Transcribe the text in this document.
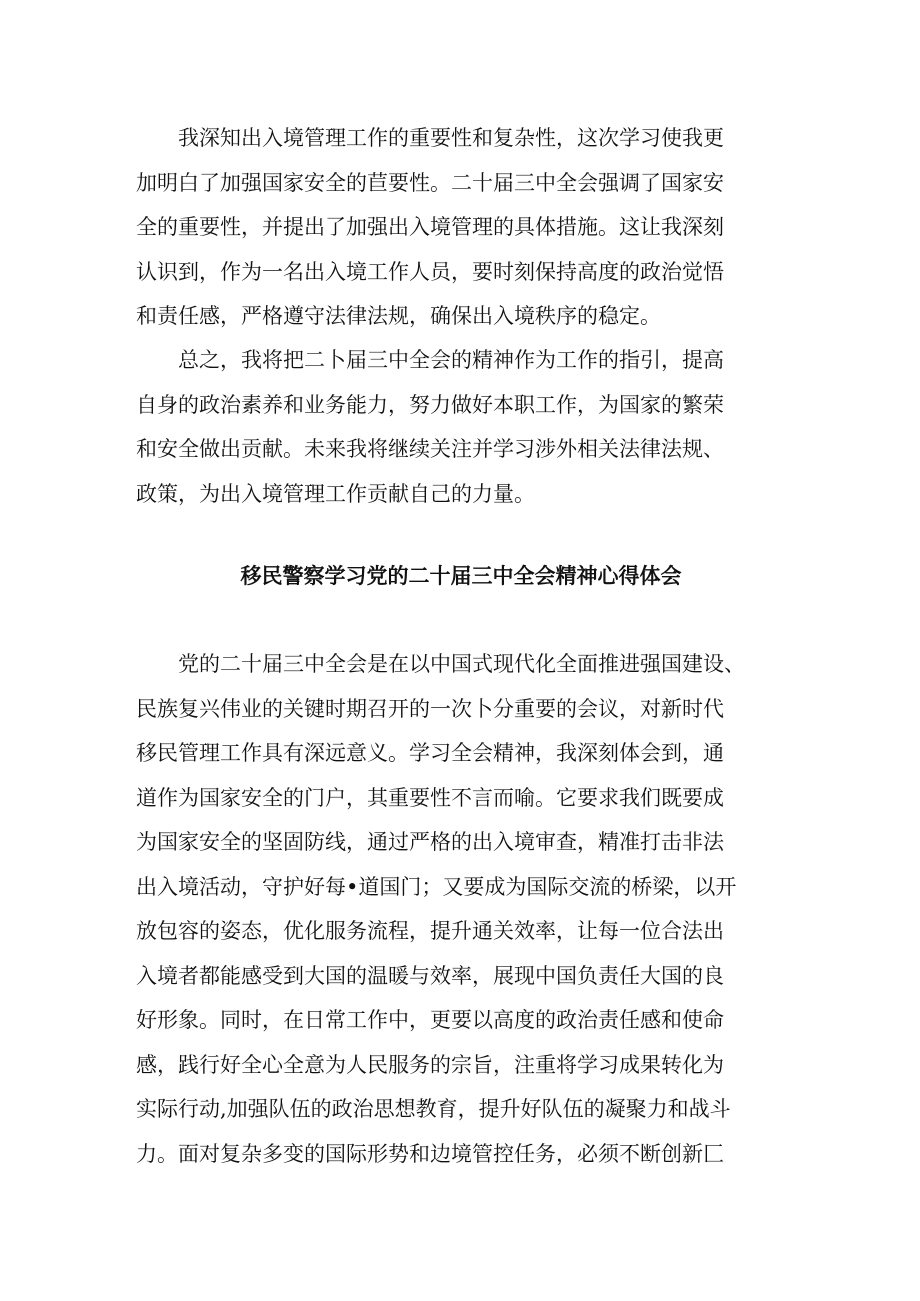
　　我深知出入境管理工作的重要性和复杂性，这次学习使我更
加明白了加强国家安全的苣要性。二十届三中全会强调了国家安
全的重要性，并提出了加强出入境管理的具体措施。这让我深刻
认识到，作为一名出入境工作人员，要时刻保持高度的政治觉悟
和责任感，严格遵守法律法规，确保出入境秩序的稳定。
　　总之，我将把二卜届三中全会的精神作为工作的指引，提高
自身的政治素养和业务能力，努力做好本职工作，为国家的繁荣
和安全做出贡献。未来我将继续关注并学习涉外相关法律法规、
政策，为出入境管理工作贡献自己的力量。
移民警察学习党的二十届三中全会精神心得体会
　　党的二十届三中全会是在以中国式现代化全面推进强国建设、
民族复兴伟业的关键时期召开的一次卜分重要的会议，对新时代
移民管理工作具有深远意义。学习全会精神，我深刻体会到，通
道作为国家安全的门户，其重要性不言而喻。它要求我们既要成
为国家安全的坚固防线，通过严格的出入境审查，精准打击非法
出入境活动，守护好每•道国门；又要成为国际交流的桥梁，以开
放包容的姿态，优化服务流程，提升通关效率，让每一位合法出
入境者都能感受到大国的温暖与效率，展现中国负责任大国的良
好形象。同时，在日常工作中，更要以高度的政治责任感和使命
感，践行好全心全意为人民服务的宗旨，注重将学习成果转化为
实际行动,加强队伍的政治思想教育，提升好队伍的凝聚力和战斗
力。面对复杂多变的国际形势和边境管控任务，必须不断创新匚
